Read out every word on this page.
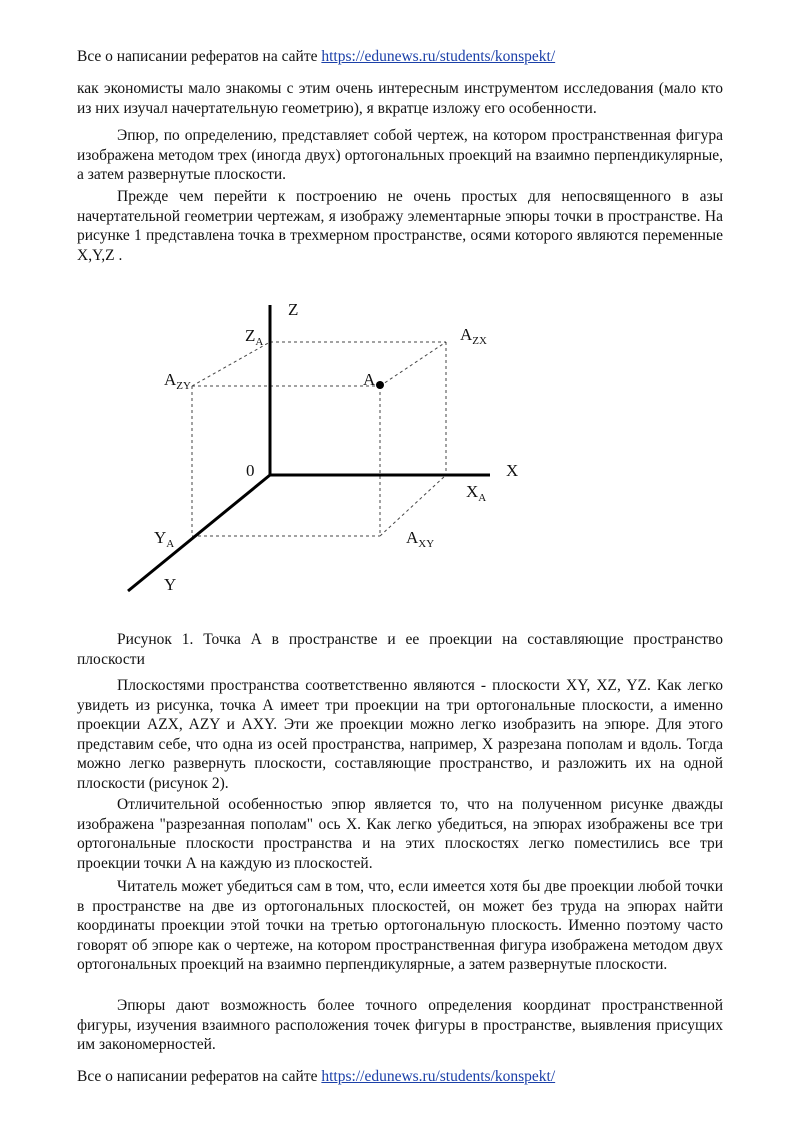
Все о написании рефератов на сайте https://edunews.ru/students/konspekt/

как экономисты мало знакомы с этим очень интересным инструментом исследования (мало кто из них изучал начертательную геометрию), я вкратце изложу его особенности.

Эпюр, по определению, представляет собой чертеж, на котором пространственная фигура изображена методом трех (иногда двух) ортогональных проекций на взаимно перпендикулярные, а затем развернутые плоскости.

Прежде чем перейти к построению не очень простых для непосвященного в азы начертательной геометрии чертежам, я изображу элементарные эпюры точки в пространстве. На рисунке 1 представлена точка в трехмерном пространстве, осями которого являются переменные X,Y,Z .

Z
$Z_A$	$A_{ZX}$
$A_{ZY}$	A
0	X
$X_A$
$Y_A$	$A_{XY}$
Y

Рисунок 1. Точка А в пространстве и ее проекции на составляющие пространство плоскости

Плоскостями пространства соответственно являются - плоскости XY, XZ, YZ. Как легко увидеть из рисунка, точка А имеет три проекции на три ортогональные плоскости, а именно проекции AZX, AZY и AXY. Эти же проекции можно легко изобразить на эпюре. Для этого представим себе, что одна из осей пространства, например, X разрезана пополам и вдоль. Тогда можно легко развернуть плоскости, составляющие пространство, и разложить их на одной плоскости (рисунок 2).

Отличительной особенностью эпюр является то, что на полученном рисунке дважды изображена "разрезанная пополам" ось X. Как легко убедиться, на эпюрах изображены все три ортогональные плоскости пространства и на этих плоскостях легко поместились все три проекции точки А на каждую из плоскостей.

Читатель может убедиться сам в том, что, если имеется хотя бы две проекции любой точки в пространстве на две из ортогональных плоскостей, он может без труда на эпюрах найти координаты проекции этой точки на третью ортогональную плоскость. Именно поэтому часто говорят об эпюре как о чертеже, на котором пространственная фигура изображена методом двух ортогональных проекций на взаимно перпендикулярные, а затем развернутые плоскости.

Эпюры дают возможность более точного определения координат пространственной фигуры, изучения взаимного расположения точек фигуры в пространстве, выявления присущих им закономерностей.

Все о написании рефератов на сайте https://edunews.ru/students/konspekt/
